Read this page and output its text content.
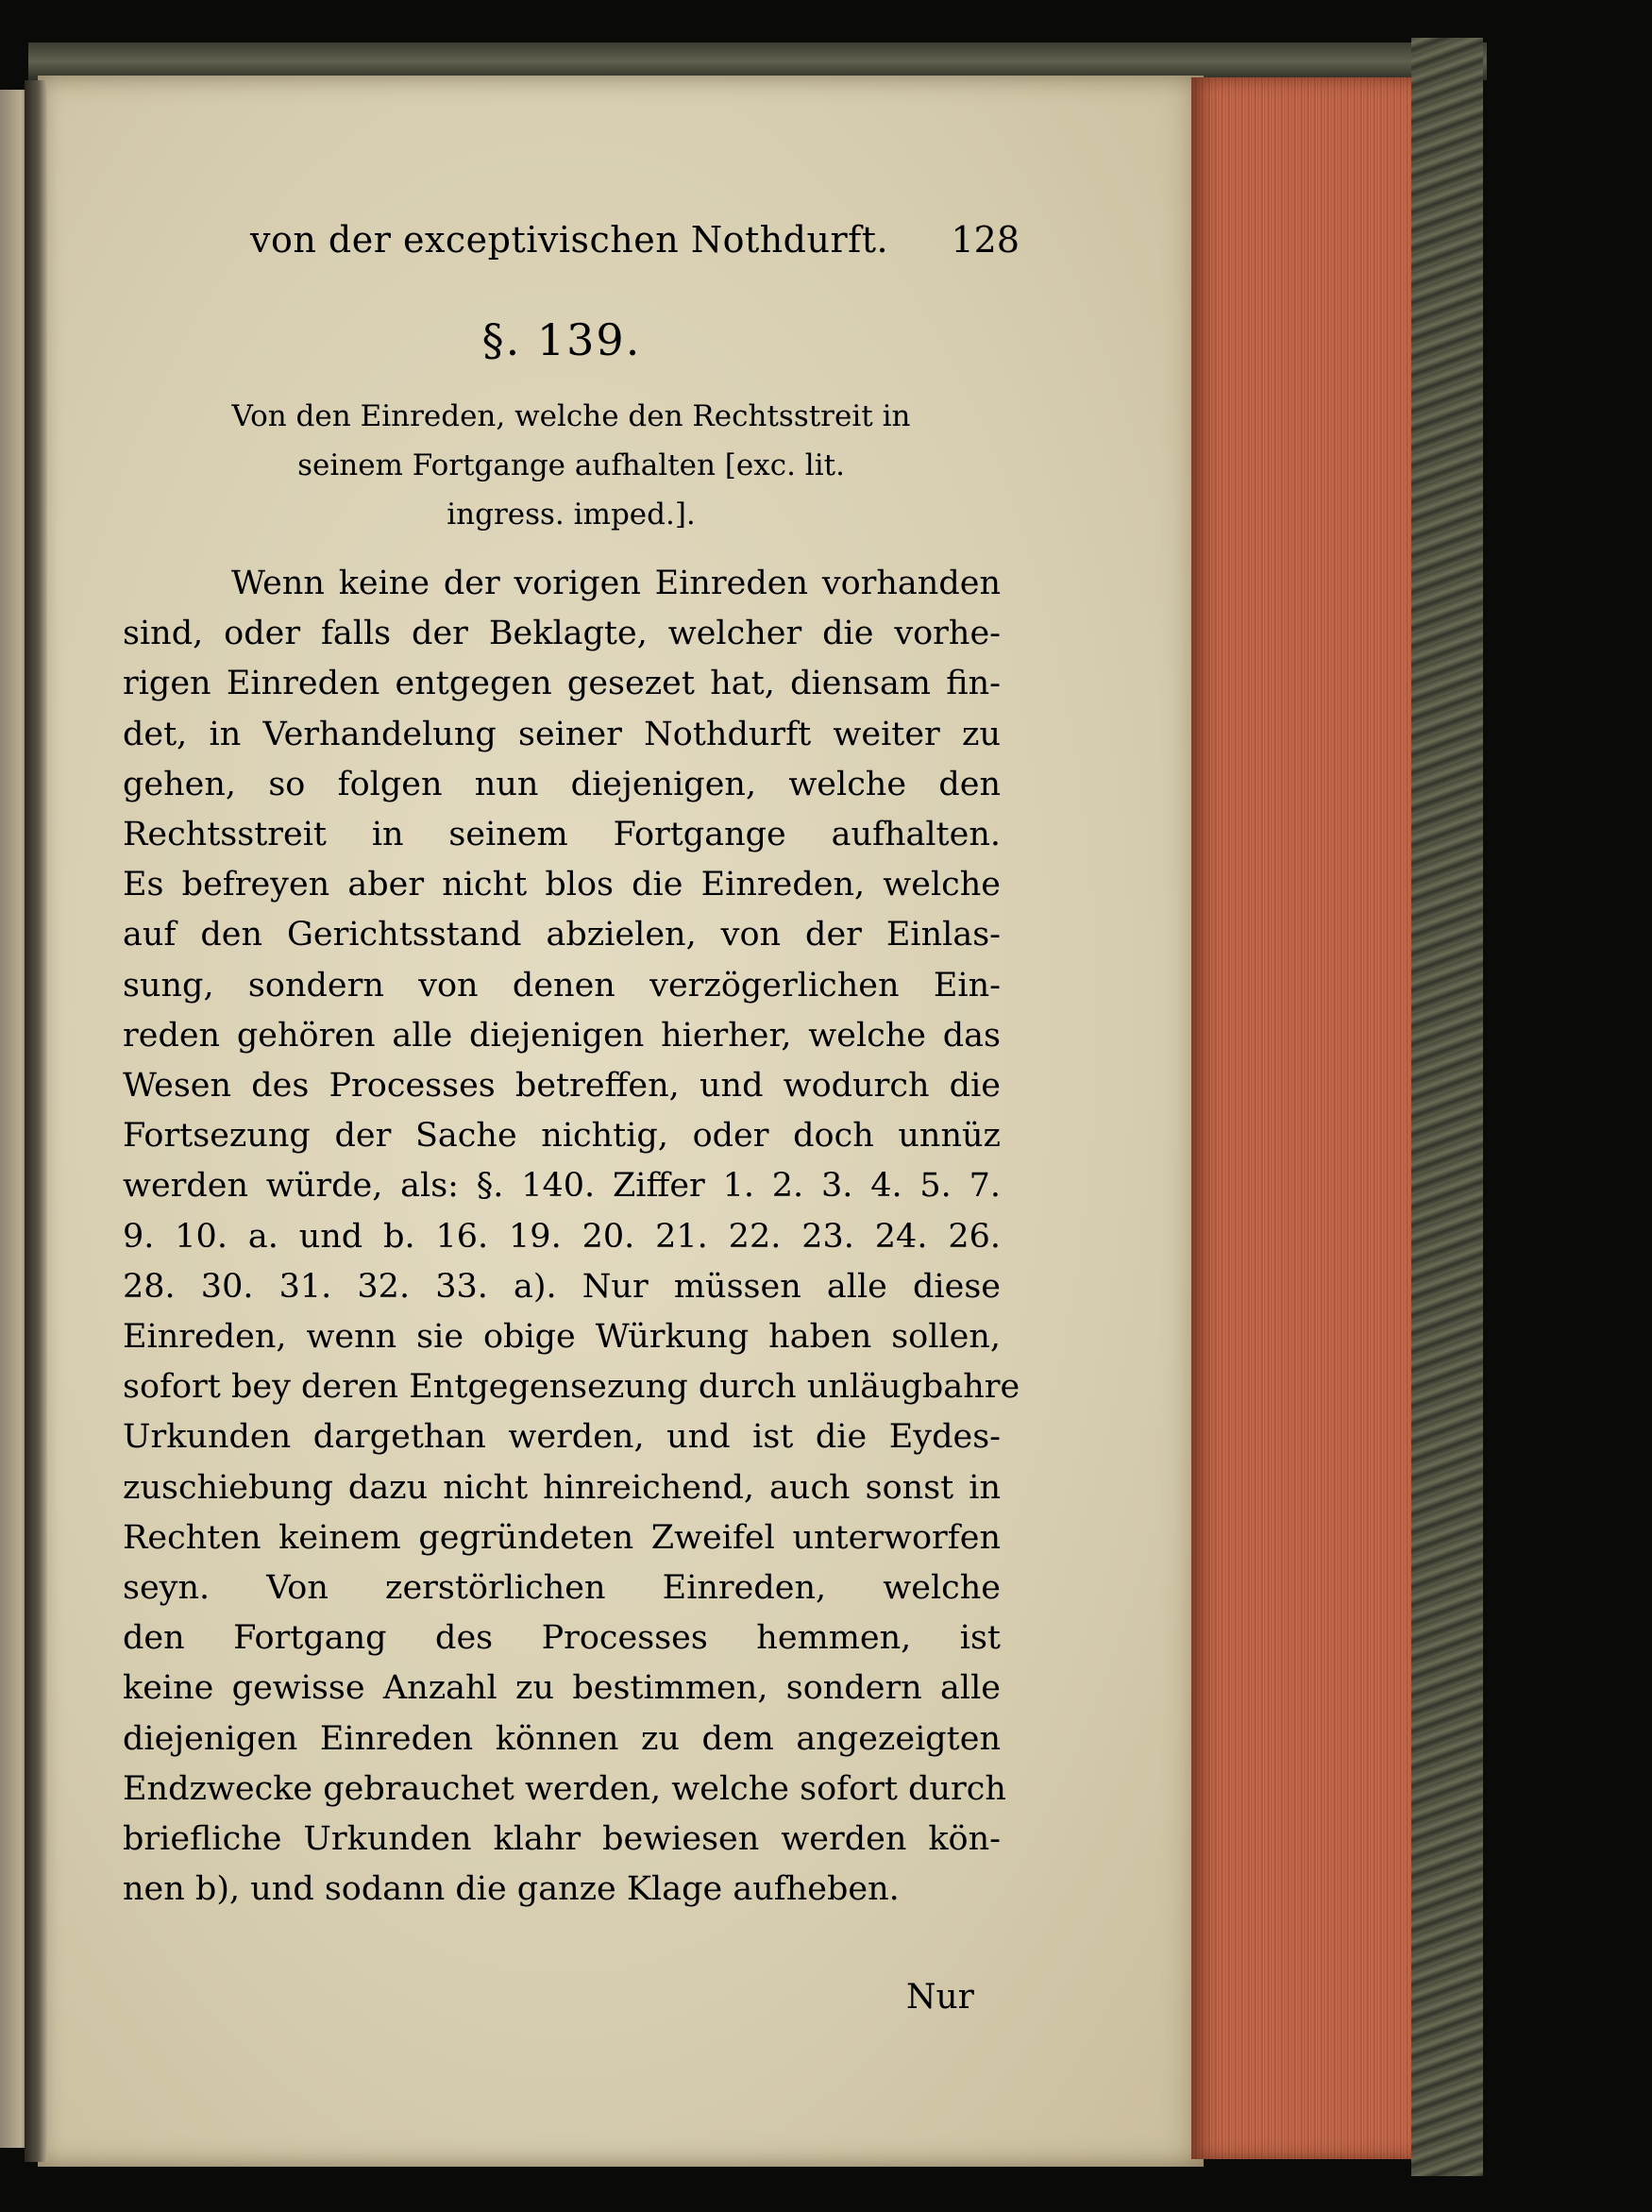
von der exceptivischen Nothdurft. 128
§. 139.
Von den Einreden, welche den Rechtsstreit in
seinem Fortgange aufhalten [exc. lit.
ingress. imped.].
Wenn keine der vorigen Einreden vorhanden
sind, oder falls der Beklagte, welcher die vorhe-
rigen Einreden entgegen gesezet hat, diensam fin-
det, in Verhandelung seiner Nothdurft weiter zu
gehen, so folgen nun diejenigen, welche den
Rechtsstreit in seinem Fortgange aufhalten.
Es befreyen aber nicht blos die Einreden, welche
auf den Gerichtsstand abzielen, von der Einlas-
sung, sondern von denen verzögerlichen Ein-
reden gehören alle diejenigen hierher, welche das
Wesen des Processes betreffen, und wodurch die
Fortsezung der Sache nichtig, oder doch unnüz
werden würde, als: §. 140. Ziffer 1. 2. 3. 4. 5. 7.
9. 10. a. und b. 16. 19. 20. 21. 22. 23. 24. 26.
28. 30. 31. 32. 33. a). Nur müssen alle diese
Einreden, wenn sie obige Würkung haben sollen,
sofort bey deren Entgegensezung durch unläugbahre
Urkunden dargethan werden, und ist die Eydes-
zuschiebung dazu nicht hinreichend, auch sonst in
Rechten keinem gegründeten Zweifel unterworfen
seyn. Von zerstörlichen Einreden, welche
den Fortgang des Processes hemmen, ist
keine gewisse Anzahl zu bestimmen, sondern alle
diejenigen Einreden können zu dem angezeigten
Endzwecke gebrauchet werden, welche sofort durch
briefliche Urkunden klahr bewiesen werden kön-
nen b), und sodann die ganze Klage aufheben.
Nur
